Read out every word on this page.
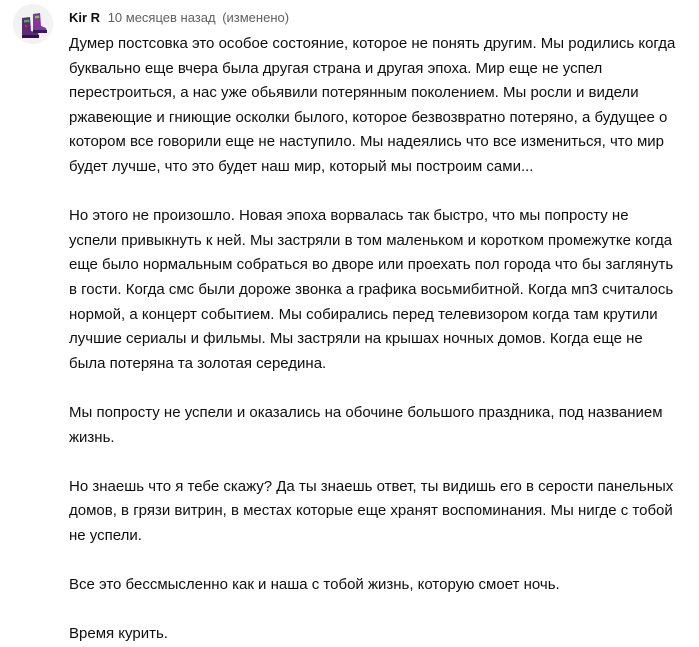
Kir R 10 месяцев назад (изменено)

Думер постсовка это особое состояние, которое не понять другим. Мы родились когда буквально еще вчера была другая страна и другая эпоха. Мир еще не успел перестроиться, а нас уже обьявили потерянным поколением. Мы росли и видели ржавеющие и гниющие осколки былого, которое безвозвратно потеряно, а будущее о котором все говорили еще не наступило. Мы надеялись что все измениться, что мир будет лучше, что это будет наш мир, который мы построим сами...

Но этого не произошло. Новая эпоха ворвалась так быстро, что мы попросту не успели привыкнуть к ней. Мы застряли в том маленьком и коротком промежутке когда еще было нормальным собраться во дворе или проехать пол города что бы заглянуть в гости. Когда смс были дороже звонка а графика восьмибитной. Когда мп3 считалось нормой, а концерт событием. Мы собирались перед телевизором когда там крутили лучшие сериалы и фильмы. Мы застряли на крышах ночных домов. Когда еще не была потеряна та золотая середина.

Мы попросту не успели и оказались на обочине большого праздника, под названием жизнь.

Но знаешь что я тебе скажу? Да ты знаешь ответ, ты видишь его в серости панельных домов, в грязи витрин, в местах которые еще хранят воспоминания. Мы нигде с тобой не успели.

Все это бессмысленно как и наша с тобой жизнь, которую смоет ночь.

Время курить.
